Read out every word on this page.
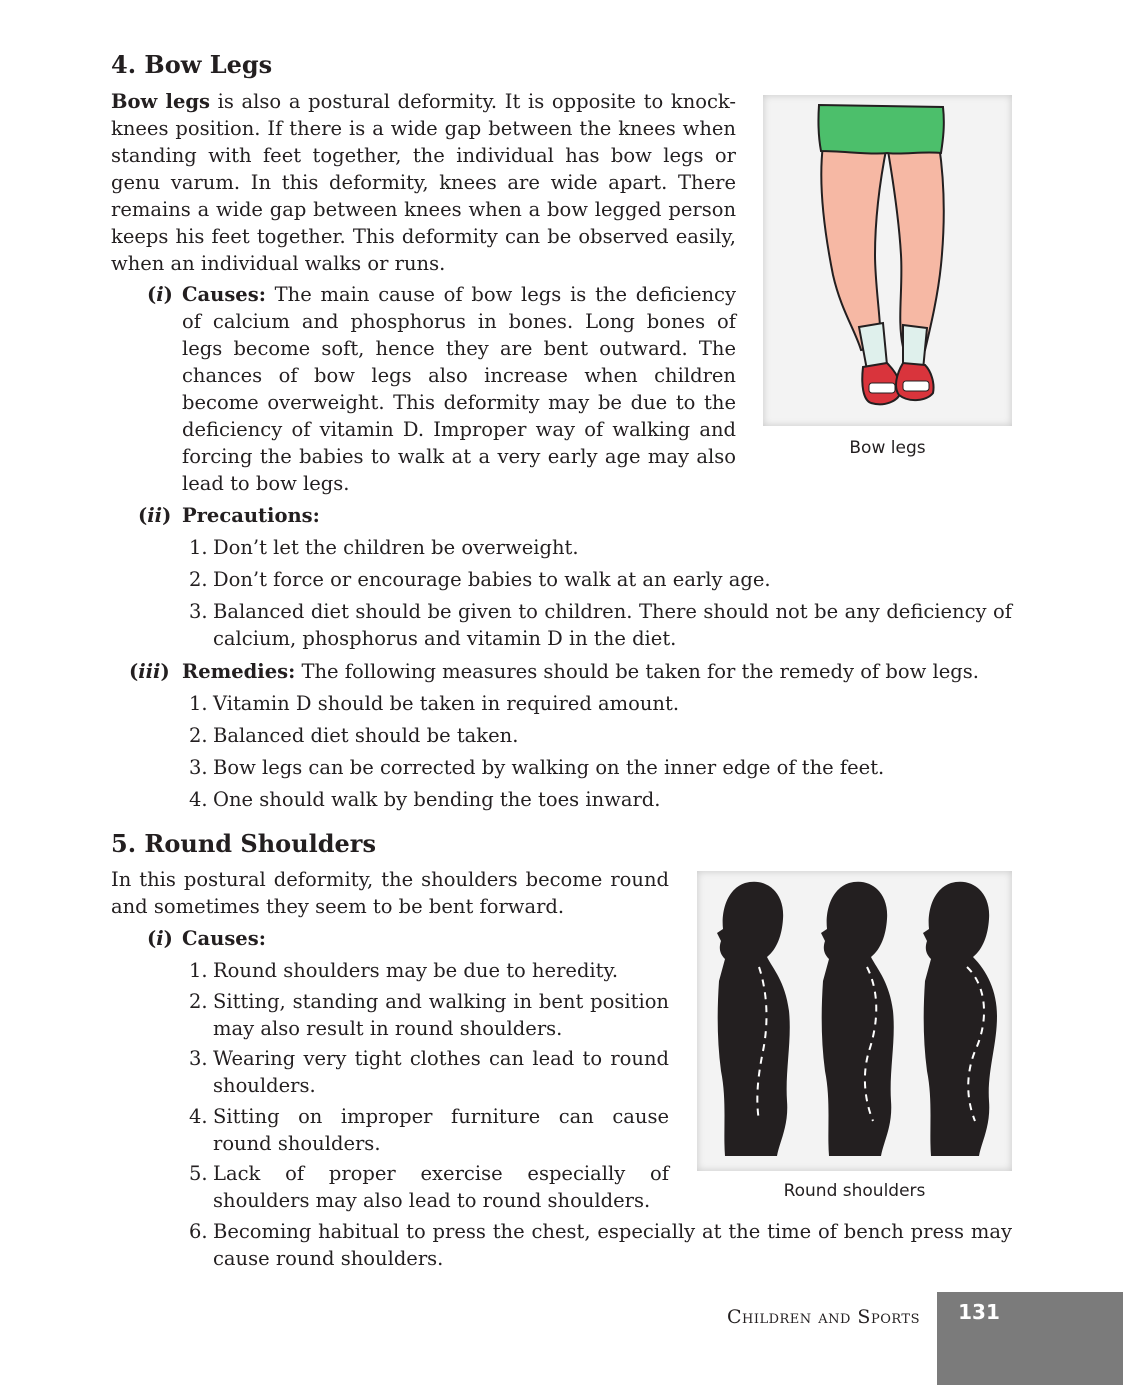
4. Bow Legs

Bow legs is also a postural deformity. It is opposite to knock-knees position. If there is a wide gap between the knees when standing with feet together, the individual has bow legs or genu varum. In this deformity, knees are wide apart. There remains a wide gap between knees when a bow legged person keeps his feet together. This deformity can be observed easily, when an individual walks or runs.

(i) Causes: The main cause of bow legs is the deficiency of calcium and phosphorus in bones. Long bones of legs become soft, hence they are bent outward. The chances of bow legs also increase when children become overweight. This deformity may be due to the deficiency of vitamin D. Improper way of walking and forcing the babies to walk at a very early age may also lead to bow legs.
(ii) Precautions:
1. Don’t let the children be overweight.
2. Don’t force or encourage babies to walk at an early age.
3. Balanced diet should be given to children. There should not be any deficiency of calcium, phosphorus and vitamin D in the diet.
(iii) Remedies: The following measures should be taken for the remedy of bow legs.
1. Vitamin D should be taken in required amount.
2. Balanced diet should be taken.
3. Bow legs can be corrected by walking on the inner edge of the feet.
4. One should walk by bending the toes inward.
Bow legs
5. Round Shoulders

In this postural deformity, the shoulders become round and sometimes they seem to be bent forward.

(i) Causes:
1. Round shoulders may be due to heredity.
2. Sitting, standing and walking in bent position may also result in round shoulders.
3. Wearing very tight clothes can lead to round shoulders.
4. Sitting on improper furniture can cause round shoulders.
5. Lack of proper exercise especially of shoulders may also lead to round shoulders.
6. Becoming habitual to press the chest, especially at the time of bench press may cause round shoulders.
Round shoulders
Children and Sports	131
